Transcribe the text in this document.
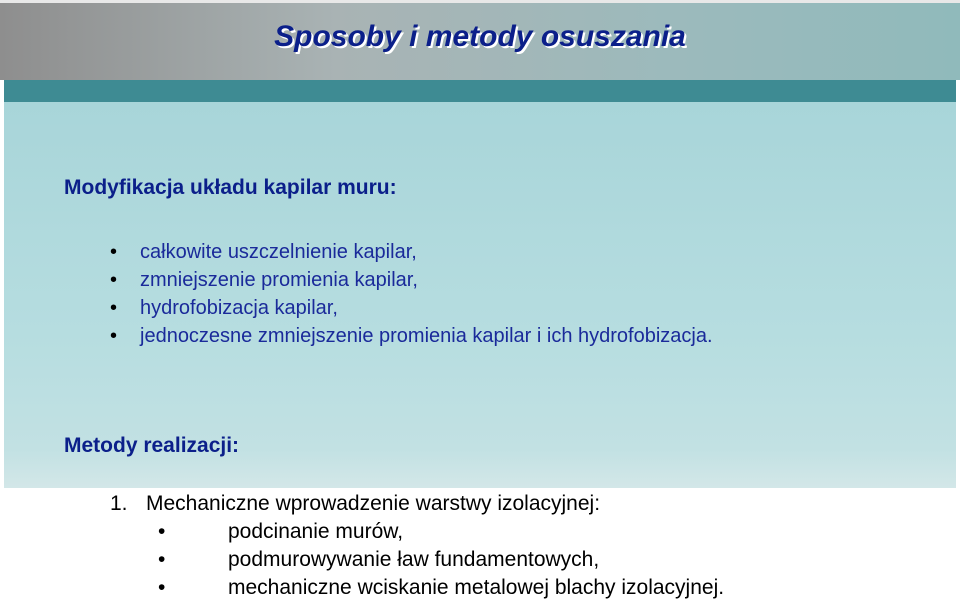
Sposoby i metody osuszania
Modyfikacja układu kapilar muru:
• całkowite uszczelnienie kapilar,
• zmniejszenie promienia kapilar,
• hydrofobizacja kapilar,
• jednoczesne zmniejszenie promienia kapilar i ich hydrofobizacja.
Metody realizacji:
1. Mechaniczne wprowadzenie warstwy izolacyjnej:
•	podcinanie murów,
•	podmurowywanie ław fundamentowych,
•	mechaniczne wciskanie metalowej blachy izolacyjnej.
